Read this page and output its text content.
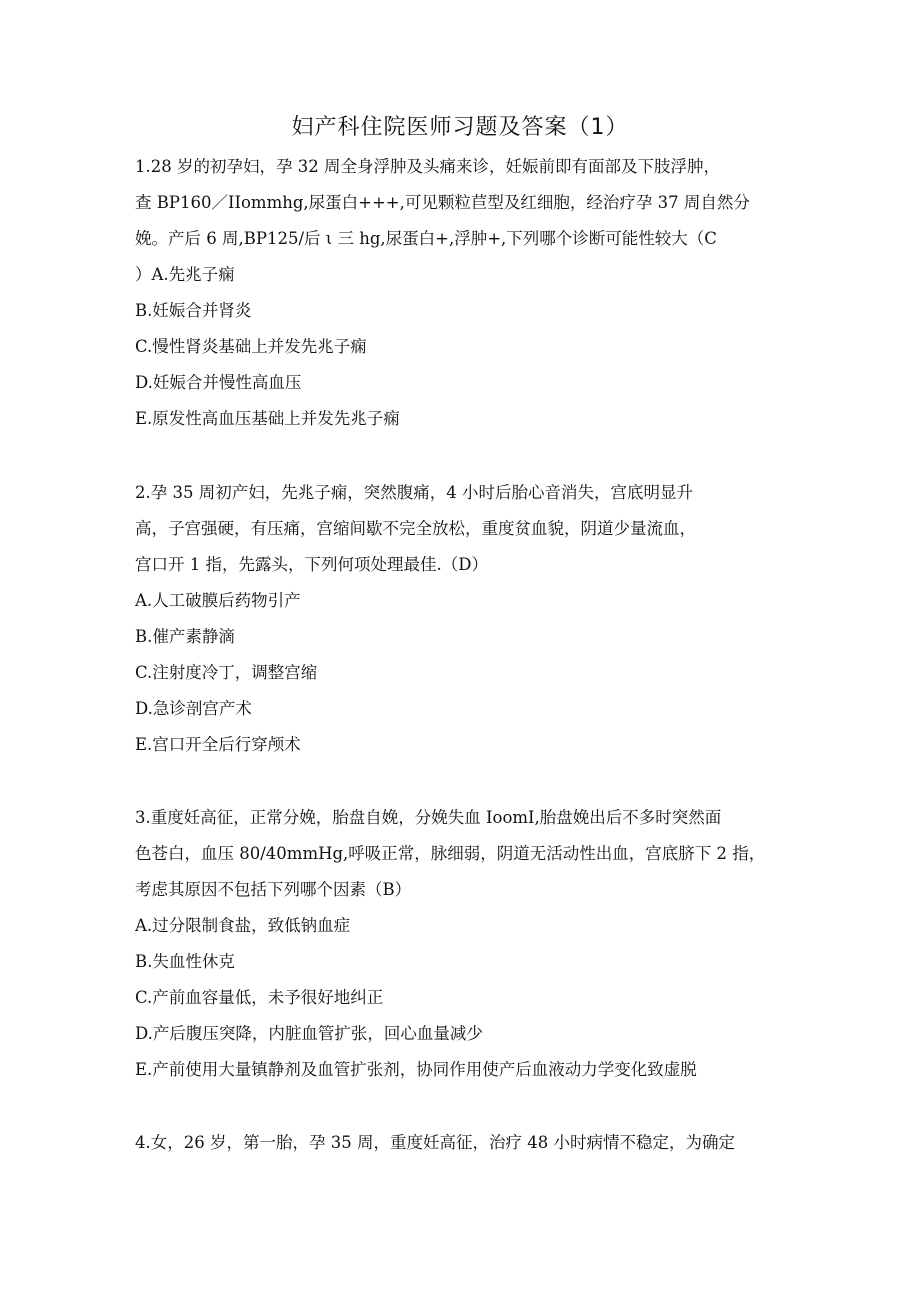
妇产科住院医师习题及答案（1）
1.28 岁的初孕妇，孕 32 周全身浮肿及头痛来诊，妊娠前即有面部及下肢浮肿，
查 BP160／IIommhg,尿蛋白+++,可见颗粒苣型及红细胞，经治疗孕 37 周自然分
娩。产后 6 周,BP125/后 ι 三 hg,尿蛋白+,浮肿+,下列哪个诊断可能性较大（C
）A.先兆子痫
B.妊娠合并肾炎
C.慢性肾炎基础上并发先兆子痫
D.妊娠合并慢性高血压
E.原发性高血压基础上并发先兆子痫
2.孕 35 周初产妇，先兆子痫，突然腹痛，4 小时后胎心音消失，宫底明显升
高，子宫强硬，有压痛，宫缩间歇不完全放松，重度贫血貌，阴道少量流血，
宫口开 1 指，先露头，下列何项处理最佳.（D）
A.人工破膜后药物引产
B.催产素静滴
C.注射度冷丁，调整宫缩
D.急诊剖宫产术
E.宫口开全后行穿颅术
3.重度妊高征，正常分娩，胎盘自娩，分娩失血 IoomI,胎盘娩出后不多时突然面
色苍白，血压 80/40mmHg,呼吸正常，脉细弱，阴道无活动性出血，宫底脐下 2 指，
考虑其原因不包括下列哪个因素（B）
A.过分限制食盐，致低钠血症
B.失血性休克
C.产前血容量低，未予很好地纠正
D.产后腹压突降，内脏血管扩张，回心血量减少
E.产前使用大量镇静剂及血管扩张剂，协同作用使产后血液动力学变化致虚脱
4.女，26 岁，第一胎，孕 35 周，重度妊高征，治疗 48 小时病情不稳定，为确定
